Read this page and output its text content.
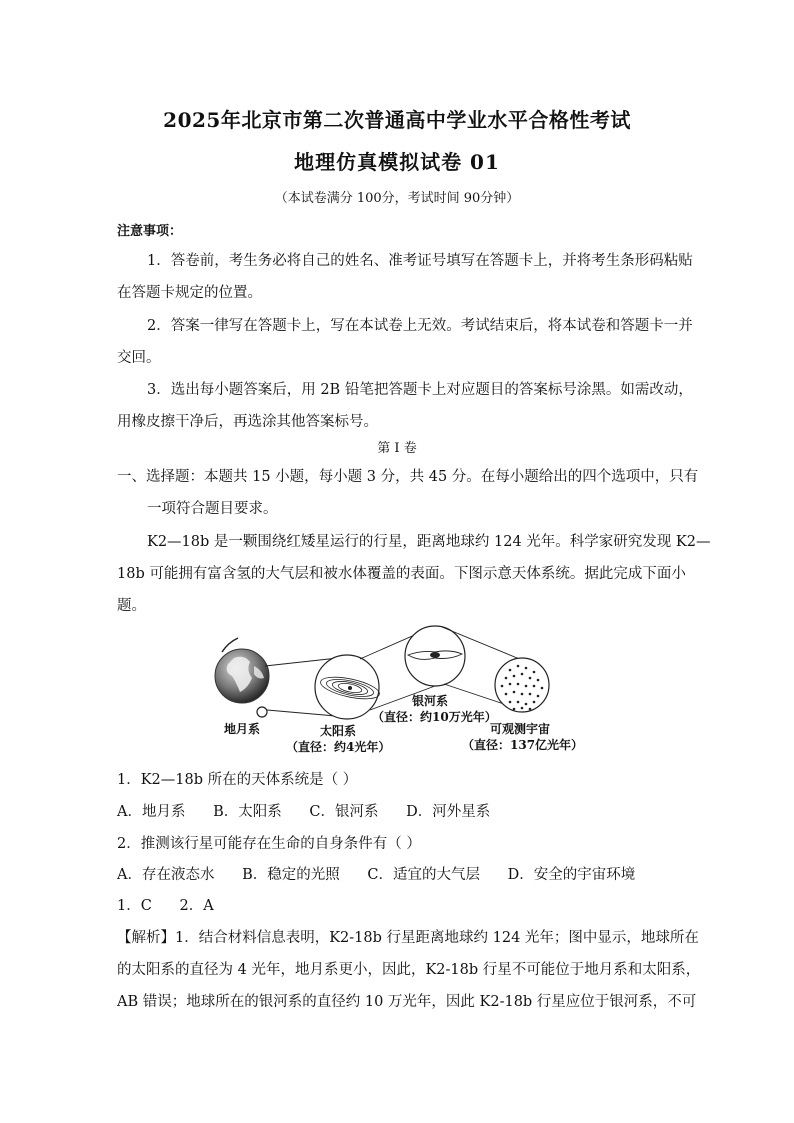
2025年北京市第二次普通高中学业水平合格性考试
地理仿真模拟试卷 01
（本试卷满分 100分，考试时间 90分钟）
注意事项：
1．答卷前，考生务必将自己的姓名、准考证号填写在答题卡上，并将考生条形码粘贴
在答题卡规定的位置。
2．答案一律写在答题卡上，写在本试卷上无效。考试结束后，将本试卷和答题卡一并
交回。
3．选出每小题答案后，用 2B 铅笔把答题卡上对应题目的答案标号涂黑。如需改动，
用橡皮擦干净后，再选涂其他答案标号。
第 I 卷
一、选择题：本题共 15 小题，每小题 3 分，共 45 分。在每小题给出的四个选项中，只有
一项符合题目要求。
K2—18b 是一颗围绕红矮星运行的行星，距离地球约 124 光年。科学家研究发现 K2—
18b 可能拥有富含氢的大气层和被水体覆盖的表面。下图示意天体系统。据此完成下面小
题。
地月系	太阳系
（直径：约4光年）
银河系
（直径：约10万光年）
可观测宇宙
（直径：137亿光年）
1．K2—18b 所在的天体系统是（ ）
A．地月系      B．太阳系      C．银河系      D．河外星系
2．推测该行星可能存在生命的自身条件有（ ）
A．存在液态水      B．稳定的光照      C．适宜的大气层      D．安全的宇宙环境
1．C      2．A
【解析】1．结合材料信息表明，K2-18b 行星距离地球约 124 光年；图中显示，地球所在
的太阳系的直径为 4 光年，地月系更小，因此，K2-18b 行星不可能位于地月系和太阳系，
AB 错误；地球所在的银河系的直径约 10 万光年，因此 K2-18b 行星应位于银河系，不可
